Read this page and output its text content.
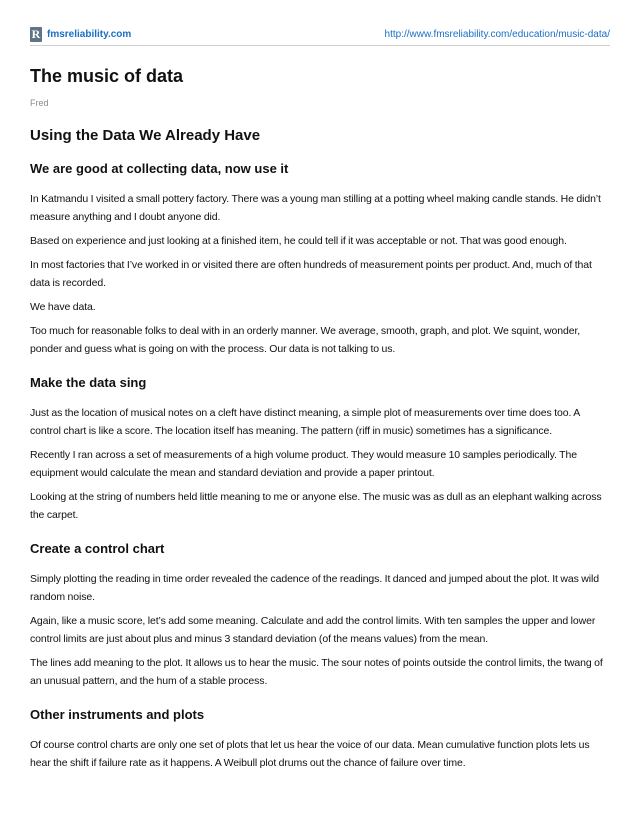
R fmsreliability.com	http://www.fmsreliability.com/education/music-data/
The music of data
Fred
Using the Data We Already Have
We are good at collecting data, now use it

In Katmandu I visited a small pottery factory. There was a young man stilling at a potting wheel making candle stands. He didn’t measure anything and I doubt anyone did.

Based on experience and just looking at a finished item, he could tell if it was acceptable or not. That was good enough.

In most factories that I’ve worked in or visited there are often hundreds of measurement points per product. And, much of that data is recorded.

We have data.

Too much for reasonable folks to deal with in an orderly manner. We average, smooth, graph, and plot. We squint, wonder, ponder and guess what is going on with the process. Our data is not talking to us.

Make the data sing

Just as the location of musical notes on a cleft have distinct meaning, a simple plot of measurements over time does too. A control chart is like a score. The location itself has meaning. The pattern (riff in music) sometimes has a significance.

Recently I ran across a set of measurements of a high volume product. They would measure 10 samples periodically. The equipment would calculate the mean and standard deviation and provide a paper printout.

Looking at the string of numbers held little meaning to me or anyone else. The music was as dull as an elephant walking across the carpet.

Create a control chart

Simply plotting the reading in time order revealed the cadence of the readings. It danced and jumped about the plot. It was wild random noise.

Again, like a music score, let’s add some meaning. Calculate and add the control limits. With ten samples the upper and lower control limits are just about plus and minus 3 standard deviation (of the means values) from the mean.

The lines add meaning to the plot. It allows us to hear the music. The sour notes of points outside the control limits, the twang of an unusual pattern, and the hum of a stable process.

Other instruments and plots

Of course control charts are only one set of plots that let us hear the voice of our data. Mean cumulative function plots lets us hear the shift if failure rate as it happens. A Weibull plot drums out the chance of failure over time.
